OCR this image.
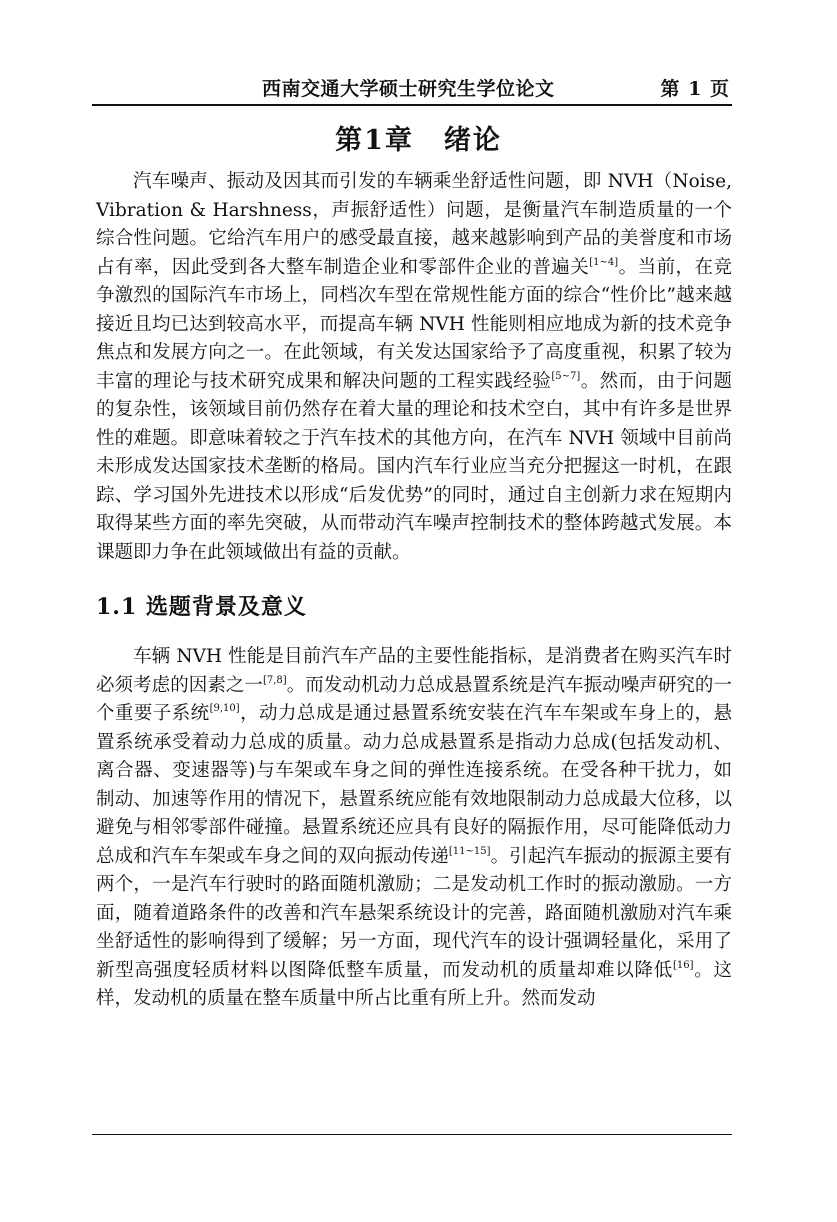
西南交通大学硕士研究生学位论文	第 1 页
第1章 绪论

汽车噪声、振动及因其而引发的车辆乘坐舒适性问题，即 NVH（Noise, Vibration & Harshness，声振舒适性）问题，是衡量汽车制造质量的一个综合性问题。它给汽车用户的感受最直接，越来越影响到产品的美誉度和市场占有率，因此受到各大整车制造企业和零部件企业的普遍关[1~4]。当前，在竞争激烈的国际汽车市场上，同档次车型在常规性能方面的综合“性价比”越来越接近且均已达到较高水平，而提高车辆 NVH 性能则相应地成为新的技术竞争焦点和发展方向之一。在此领域，有关发达国家给予了高度重视，积累了较为丰富的理论与技术研究成果和解决问题的工程实践经验[5~7]。然而，由于问题的复杂性，该领域目前仍然存在着大量的理论和技术空白，其中有许多是世界性的难题。即意味着较之于汽车技术的其他方向，在汽车 NVH 领域中目前尚未形成发达国家技术垄断的格局。国内汽车行业应当充分把握这一时机，在跟踪、学习国外先进技术以形成“后发优势”的同时，通过自主创新力求在短期内取得某些方面的率先突破，从而带动汽车噪声控制技术的整体跨越式发展。本课题即力争在此领域做出有益的贡献。

1.1 选题背景及意义

车辆 NVH 性能是目前汽车产品的主要性能指标，是消费者在购买汽车时必须考虑的因素之一[7,8]。而发动机动力总成悬置系统是汽车振动噪声研究的一个重要子系统[9,10]，动力总成是通过悬置系统安装在汽车车架或车身上的，悬置系统承受着动力总成的质量。动力总成悬置系是指动力总成(包括发动机、离合器、变速器等)与车架或车身之间的弹性连接系统。在受各种干扰力，如制动、加速等作用的情况下，悬置系统应能有效地限制动力总成最大位移，以避免与相邻零部件碰撞。悬置系统还应具有良好的隔振作用，尽可能降低动力总成和汽车车架或车身之间的双向振动传递[11~15]。引起汽车振动的振源主要有两个，一是汽车行驶时的路面随机激励；二是发动机工作时的振动激励。一方面，随着道路条件的改善和汽车悬架系统设计的完善，路面随机激励对汽车乘坐舒适性的影响得到了缓解；另一方面，现代汽车的设计强调轻量化，采用了新型高强度轻质材料以图降低整车质量，而发动机的质量却难以降低[16]。这样，发动机的质量在整车质量中所占比重有所上升。然而发动
